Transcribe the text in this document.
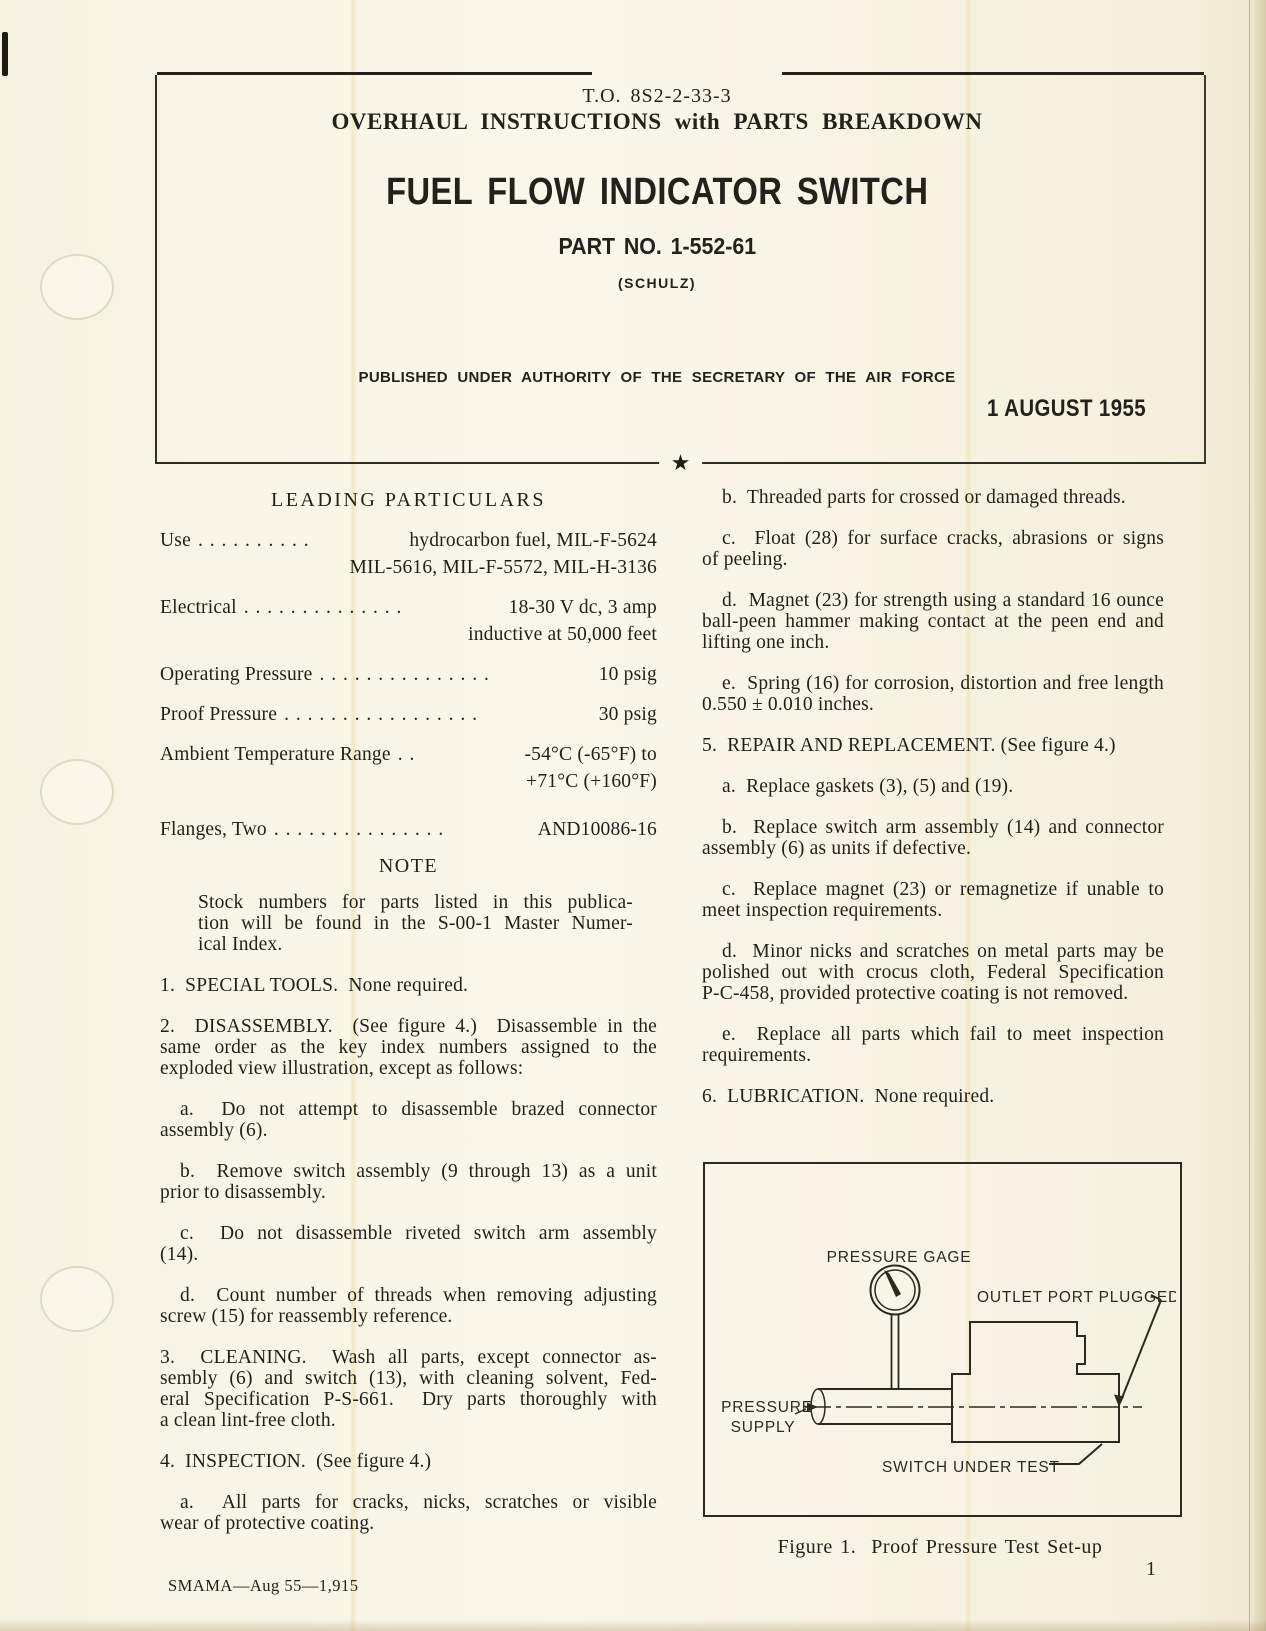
T.O. 8S2-2-33-3
OVERHAUL INSTRUCTIONS with PARTS BREAKDOWN
FUEL FLOW INDICATOR SWITCH
PART NO. 1-552-61
(SCHULZ)
PUBLISHED UNDER AUTHORITY OF THE SECRETARY OF THE AIR FORCE
1 AUGUST 1955
★
LEADING PARTICULARS
Use . . . . . . . . . .	hydrocarbon fuel, MIL-F-5624
MIL-5616, MIL-F-5572, MIL-H-3136
Electrical . . . . . . . . . . . . . .	18-30 V dc, 3 amp
inductive at 50,000 feet
Operating Pressure . . . . . . . . . . . . . . .	10 psig
Proof Pressure . . . . . . . . . . . . . . . . .	30 psig
Ambient Temperature Range . .	-54°C (-65°F) to
+71°C (+160°F)
Flanges, Two . . . . . . . . . . . . . . .	AND10086-16
NOTE
Stock numbers for parts listed in this publica-
tion will be found in the S-00-1 Master Numer-
ical Index.
1.  SPECIAL TOOLS.  None required.
2.  DISASSEMBLY.  (See figure 4.)  Disassemble in the
same order as the key index numbers assigned to the
exploded view illustration, except as follows:
a.  Do not attempt to disassemble brazed connector
assembly (6).
b.  Remove switch assembly (9 through 13) as a unit
prior to disassembly.
c.  Do not disassemble riveted switch arm assembly
(14).
d.  Count number of threads when removing adjusting
screw (15) for reassembly reference.
3.  CLEANING.  Wash all parts, except connector as-
sembly (6) and switch (13), with cleaning solvent, Fed-
eral Specification P-S-661.  Dry parts thoroughly with
a clean lint-free cloth.
4.  INSPECTION.  (See figure 4.)
a.  All parts for cracks, nicks, scratches or visible
wear of protective coating.
b.  Threaded parts for crossed or damaged threads.
c.  Float (28) for surface cracks, abrasions or signs
of peeling.
d.  Magnet (23) for strength using a standard 16 ounce
ball-peen hammer making contact at the peen end and
lifting one inch.
e.  Spring (16) for corrosion, distortion and free length
0.550 ± 0.010 inches.
5.  REPAIR AND REPLACEMENT. (See figure 4.)
a.  Replace gaskets (3), (5) and (19).
b.  Replace switch arm assembly (14) and connector
assembly (6) as units if defective.
c.  Replace magnet (23) or remagnetize if unable to
meet inspection requirements.
d.  Minor nicks and scratches on metal parts may be
polished out with crocus cloth, Federal Specification
P-C-458, provided protective coating is not removed.
e.  Replace all parts which fail to meet inspection
requirements.
6.  LUBRICATION.  None required.
PRESSURE GAGE
OUTLET PORT PLUGGED
PRESSURE
SUPPLY
SWITCH UNDER TEST
Figure 1.  Proof Pressure Test Set-up
1
SMAMA—Aug 55—1,915
